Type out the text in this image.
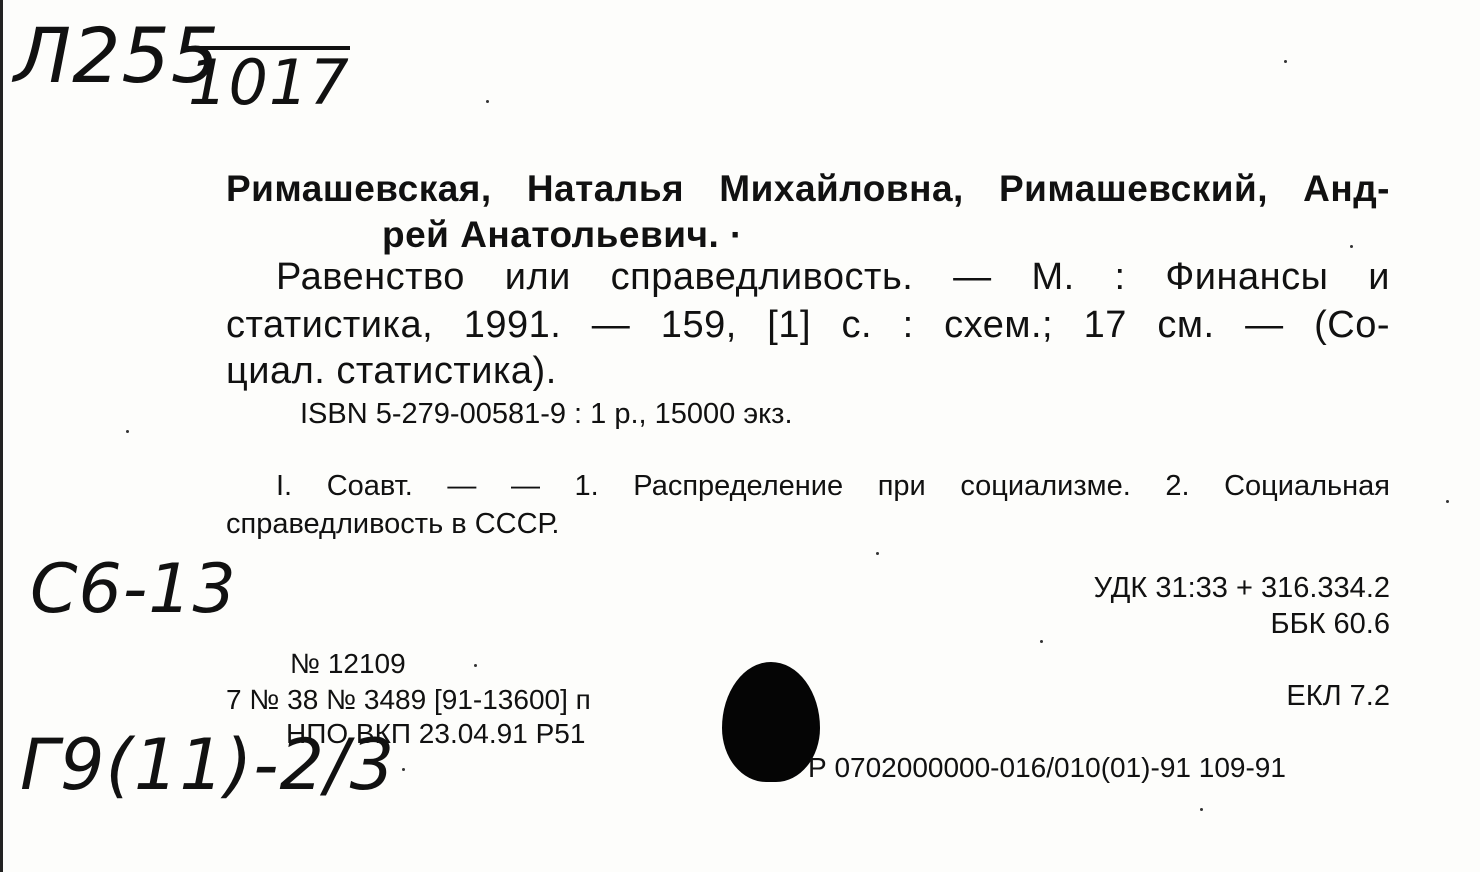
Л255
1017
Римашевская, Наталья Михайловна, Римашевский, Анд-
рей Анатольевич. ·
Равенство или справедливость. — М. : Финансы и
статистика, 1991. — 159, [1] с. : схем.; 17 см. — (Со-
циал. статистика).
ISBN 5-279-00581-9 : 1 р., 15000 экз.
I. Соавт. — — 1. Распределение при социализме. 2. Социальная
справедливость в СССР.
С6-13
Г9(11)-2/3
УДК 31:33 + 316.334.2
ББК 60.6
ЕКЛ 7.2
№ 12109
7 № 38 № 3489 [91-13600] п
НПО ВКП 23.04.91 Р51
Р 0702000000-016/010(01)-91 109-91
